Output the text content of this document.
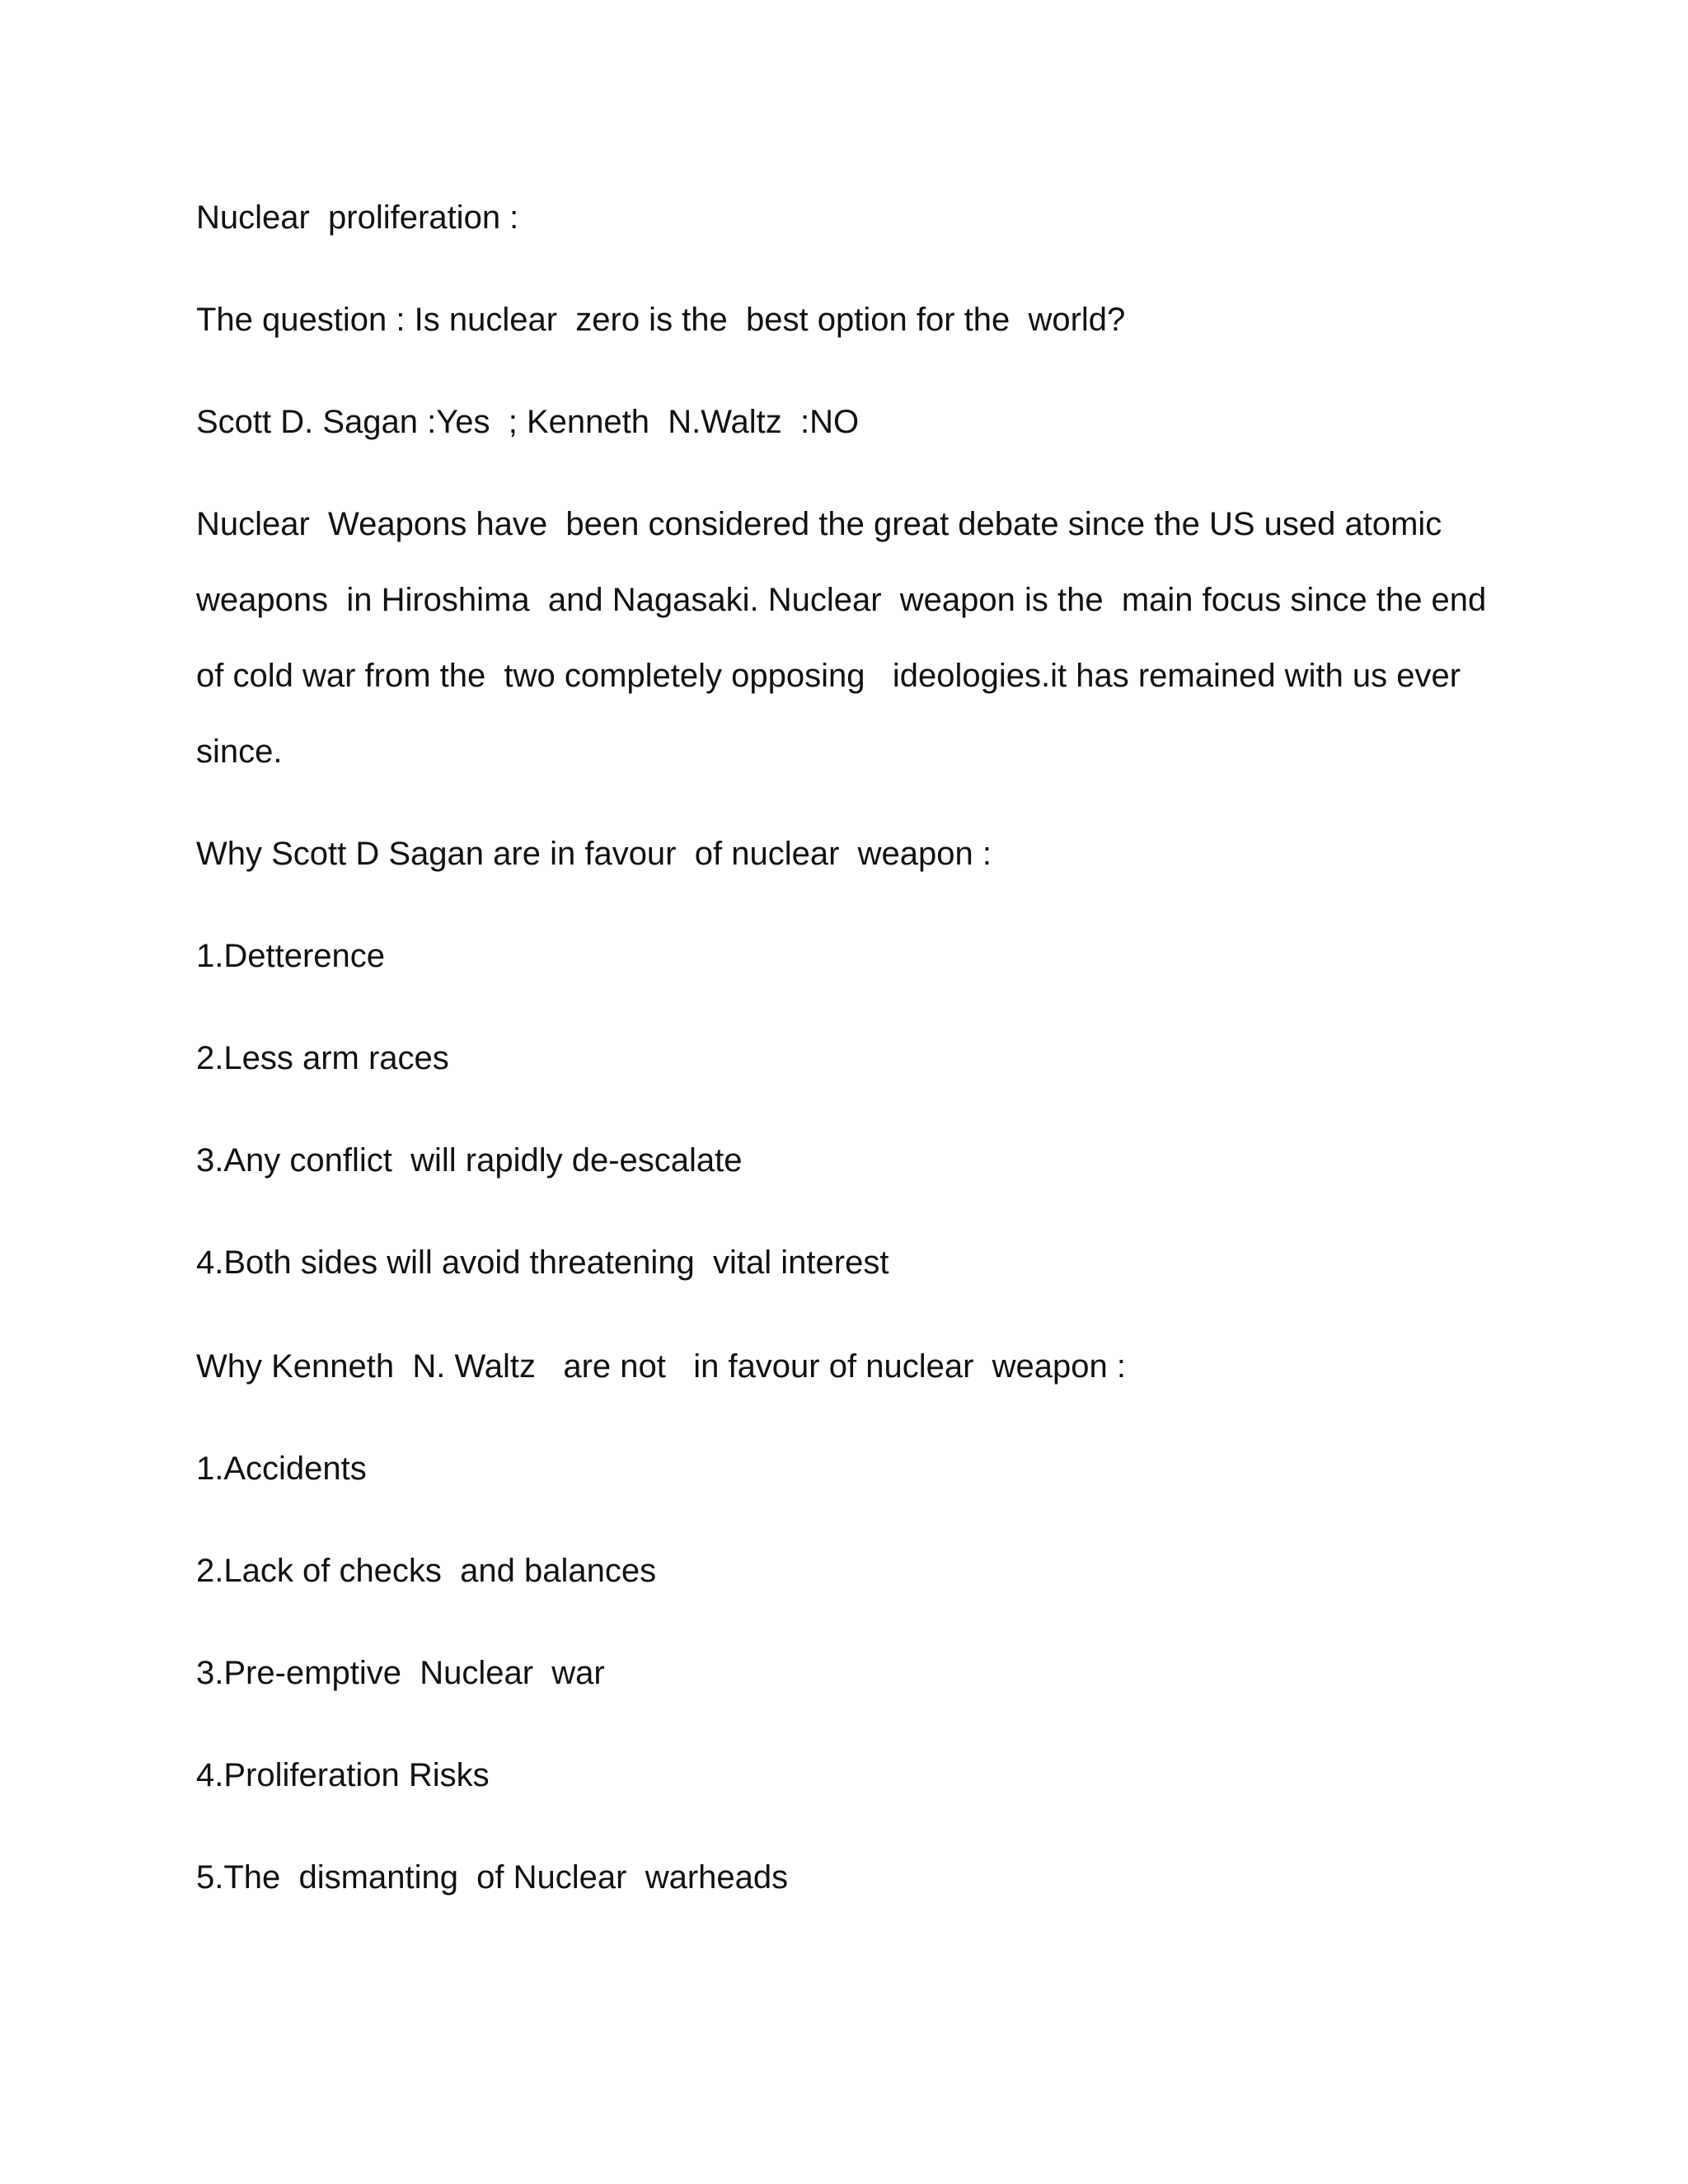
Nuclear  proliferation :

The question : Is nuclear  zero is the  best option for the  world?

Scott D. Sagan :Yes  ; Kenneth  N.Waltz  :NO

Nuclear  Weapons have  been considered the great debate since the US used atomic

weapons  in Hiroshima  and Nagasaki. Nuclear  weapon is the  main focus since the end

of cold war from the  two completely opposing   ideologies.it has remained with us ever

since.

Why Scott D Sagan are in favour  of nuclear  weapon :

1.Detterence

2.Less arm races

3.Any conflict  will rapidly de-escalate

4.Both sides will avoid threatening  vital interest

Why Kenneth  N. Waltz   are not   in favour of nuclear  weapon :

1.Accidents

2.Lack of checks  and balances

3.Pre-emptive  Nuclear  war

4.Proliferation Risks

5.The  dismanting  of Nuclear  warheads
